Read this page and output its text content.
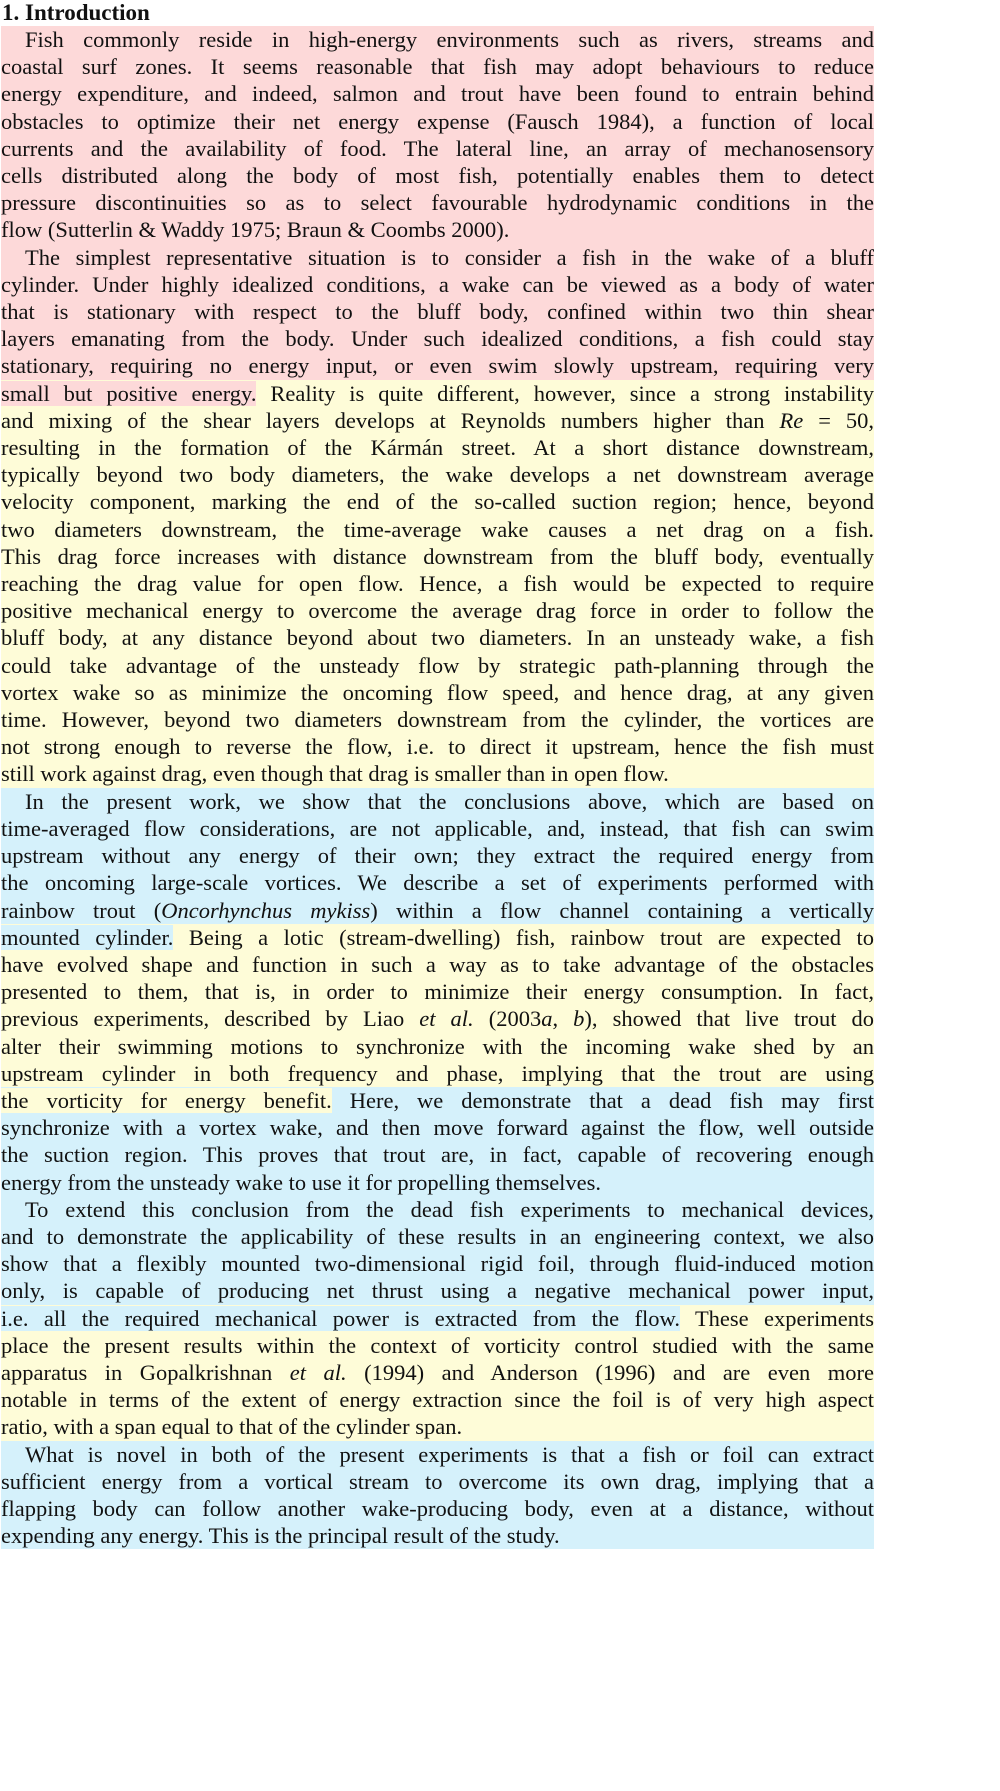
1. Introduction
Fish commonly reside in high-energy environments such as rivers, streams and
coastal surf zones. It seems reasonable that fish may adopt behaviours to reduce
energy expenditure, and indeed, salmon and trout have been found to entrain behind
obstacles to optimize their net energy expense (Fausch 1984), a function of local
currents and the availability of food. The lateral line, an array of mechanosensory
cells distributed along the body of most fish, potentially enables them to detect
pressure discontinuities so as to select favourable hydrodynamic conditions in the
flow (Sutterlin & Waddy 1975; Braun & Coombs 2000).
The simplest representative situation is to consider a fish in the wake of a bluff
cylinder. Under highly idealized conditions, a wake can be viewed as a body of water
that is stationary with respect to the bluff body, confined within two thin shear
layers emanating from the body. Under such idealized conditions, a fish could stay
stationary, requiring no energy input, or even swim slowly upstream, requiring very
small but positive energy. Reality is quite different, however, since a strong instability
and mixing of the shear layers develops at Reynolds numbers higher than Re = 50,
resulting in the formation of the Kármán street. At a short distance downstream,
typically beyond two body diameters, the wake develops a net downstream average
velocity component, marking the end of the so-called suction region; hence, beyond
two diameters downstream, the time-average wake causes a net drag on a fish.
This drag force increases with distance downstream from the bluff body, eventually
reaching the drag value for open flow. Hence, a fish would be expected to require
positive mechanical energy to overcome the average drag force in order to follow the
bluff body, at any distance beyond about two diameters. In an unsteady wake, a fish
could take advantage of the unsteady flow by strategic path-planning through the
vortex wake so as minimize the oncoming flow speed, and hence drag, at any given
time. However, beyond two diameters downstream from the cylinder, the vortices are
not strong enough to reverse the flow, i.e. to direct it upstream, hence the fish must
still work against drag, even though that drag is smaller than in open flow.
In the present work, we show that the conclusions above, which are based on
time-averaged flow considerations, are not applicable, and, instead, that fish can swim
upstream without any energy of their own; they extract the required energy from
the oncoming large-scale vortices. We describe a set of experiments performed with
rainbow trout (Oncorhynchus mykiss) within a flow channel containing a vertically
mounted cylinder. Being a lotic (stream-dwelling) fish, rainbow trout are expected to
have evolved shape and function in such a way as to take advantage of the obstacles
presented to them, that is, in order to minimize their energy consumption. In fact,
previous experiments, described by Liao et al. (2003a, b), showed that live trout do
alter their swimming motions to synchronize with the incoming wake shed by an
upstream cylinder in both frequency and phase, implying that the trout are using
the vorticity for energy benefit. Here, we demonstrate that a dead fish may first
synchronize with a vortex wake, and then move forward against the flow, well outside
the suction region. This proves that trout are, in fact, capable of recovering enough
energy from the unsteady wake to use it for propelling themselves.
To extend this conclusion from the dead fish experiments to mechanical devices,
and to demonstrate the applicability of these results in an engineering context, we also
show that a flexibly mounted two-dimensional rigid foil, through fluid-induced motion
only, is capable of producing net thrust using a negative mechanical power input,
i.e. all the required mechanical power is extracted from the flow. These experiments
place the present results within the context of vorticity control studied with the same
apparatus in Gopalkrishnan et al. (1994) and Anderson (1996) and are even more
notable in terms of the extent of energy extraction since the foil is of very high aspect
ratio, with a span equal to that of the cylinder span.
What is novel in both of the present experiments is that a fish or foil can extract
sufficient energy from a vortical stream to overcome its own drag, implying that a
flapping body can follow another wake-producing body, even at a distance, without
expending any energy. This is the principal result of the study.
